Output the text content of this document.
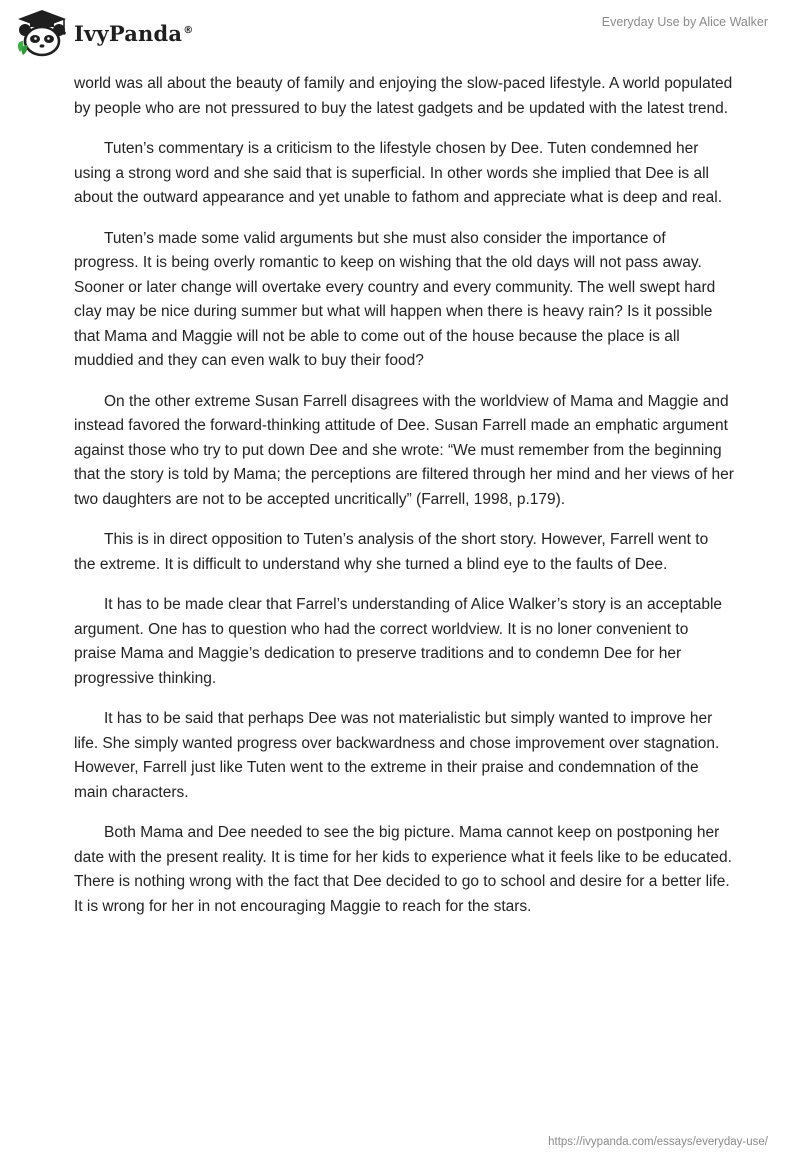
IvyPanda®
Everyday Use by Alice Walker

world was all about the beauty of family and enjoying the slow-paced lifestyle. A world populated by people who are not pressured to buy the latest gadgets and be updated with the latest trend.

Tuten’s commentary is a criticism to the lifestyle chosen by Dee. Tuten condemned her using a strong word and she said that is superficial. In other words she implied that Dee is all about the outward appearance and yet unable to fathom and appreciate what is deep and real.

Tuten’s made some valid arguments but she must also consider the importance of progress. It is being overly romantic to keep on wishing that the old days will not pass away. Sooner or later change will overtake every country and every community. The well swept hard clay may be nice during summer but what will happen when there is heavy rain? Is it possible that Mama and Maggie will not be able to come out of the house because the place is all muddied and they can even walk to buy their food?

On the other extreme Susan Farrell disagrees with the worldview of Mama and Maggie and instead favored the forward-thinking attitude of Dee. Susan Farrell made an emphatic argument against those who try to put down Dee and she wrote: “We must remember from the beginning that the story is told by Mama; the perceptions are filtered through her mind and her views of her two daughters are not to be accepted uncritically” (Farrell, 1998, p.179).

This is in direct opposition to Tuten’s analysis of the short story. However, Farrell went to the extreme. It is difficult to understand why she turned a blind eye to the faults of Dee.

It has to be made clear that Farrel’s understanding of Alice Walker’s story is an acceptable argument. One has to question who had the correct worldview. It is no loner convenient to praise Mama and Maggie’s dedication to preserve traditions and to condemn Dee for her progressive thinking.

It has to be said that perhaps Dee was not materialistic but simply wanted to improve her life. She simply wanted progress over backwardness and chose improvement over stagnation. However, Farrell just like Tuten went to the extreme in their praise and condemnation of the main characters.

Both Mama and Dee needed to see the big picture. Mama cannot keep on postponing her date with the present reality. It is time for her kids to experience what it feels like to be educated. There is nothing wrong with the fact that Dee decided to go to school and desire for a better life. It is wrong for her in not encouraging Maggie to reach for the stars.

https://ivypanda.com/essays/everyday-use/
